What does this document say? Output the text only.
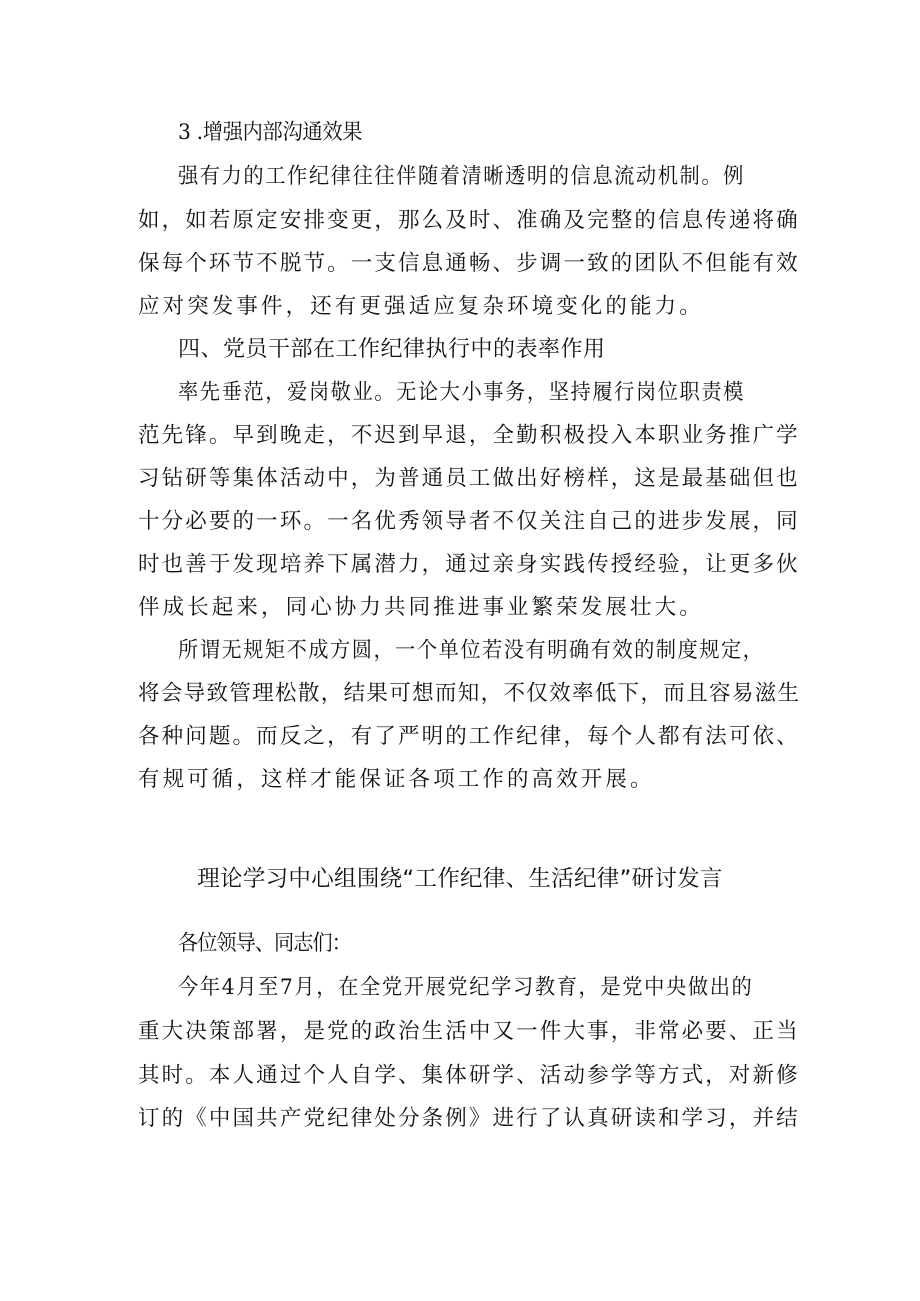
3 .增强内部沟通效果
强有力的工作纪律往往伴随着清晰透明的信息流动机制。例
如，如若原定安排变更，那么及时、准确及完整的信息传递将确
保每个环节不脱节。一支信息通畅、步调一致的团队不但能有效
应对突发事件，还有更强适应复杂环境变化的能力。
四、党员干部在工作纪律执行中的表率作用
率先垂范，爱岗敬业。无论大小事务，坚持履行岗位职责模
范先锋。早到晚走，不迟到早退，全勤积极投入本职业务推广学
习钻研等集体活动中，为普通员工做出好榜样，这是最基础但也
十分必要的一环。一名优秀领导者不仅关注自己的进步发展，同
时也善于发现培养下属潜力，通过亲身实践传授经验，让更多伙
伴成长起来，同心协力共同推进事业繁荣发展壮大。
所谓无规矩不成方圆，一个单位若没有明确有效的制度规定，
将会导致管理松散，结果可想而知，不仅效率低下，而且容易滋生
各种问题。而反之，有了严明的工作纪律，每个人都有法可依、
有规可循，这样才能保证各项工作的高效开展。
理论学习中心组围绕“工作纪律、生活纪律”研讨发言
各位领导、同志们：
今年4月至7月，在全党开展党纪学习教育，是党中央做出的
重大决策部署，是党的政治生活中又一件大事，非常必要、正当
其时。本人通过个人自学、集体研学、活动参学等方式，对新修
订的《中国共产党纪律处分条例》进行了认真研读和学习，并结
